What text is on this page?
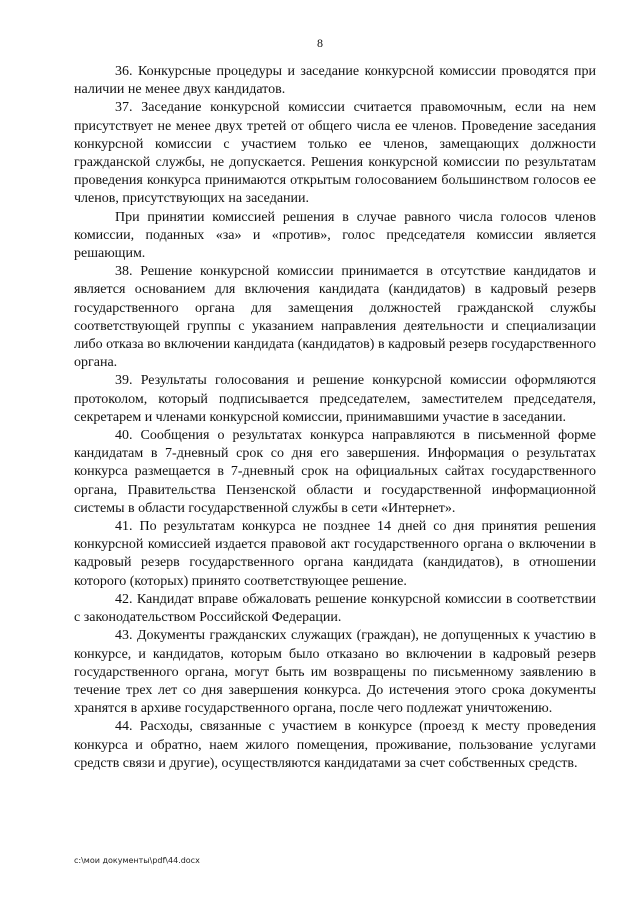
8

36. Конкурсные процедуры и заседание конкурсной комиссии проводятся при наличии не менее двух кандидатов.

37. Заседание конкурсной комиссии считается правомочным, если на нем присутствует не менее двух третей от общего числа ее членов. Проведение заседания конкурсной комиссии с участием только ее членов, замещающих должности гражданской службы, не допускается. Решения конкурсной комиссии по результатам проведения конкурса принимаются открытым голосованием большинством голосов ее членов, присутствующих на заседании.

При принятии комиссией решения в случае равного числа голосов членов комиссии, поданных «за» и «против», голос председателя комиссии является решающим.

38. Решение конкурсной комиссии принимается в отсутствие кандидатов и является основанием для включения кандидата (кандидатов) в кадровый резерв государственного органа для замещения должностей гражданской службы соответствующей группы с указанием направления деятельности и специализации либо отказа во включении кандидата (кандидатов) в кадровый резерв государственного органа.

39. Результаты голосования и решение конкурсной комиссии оформляются протоколом, который подписывается председателем, заместителем председателя, секретарем и членами конкурсной комиссии, принимавшими участие в заседании.

40. Сообщения о результатах конкурса направляются в письменной форме кандидатам в 7-дневный срок со дня его завершения. Информация о результатах конкурса размещается в 7-дневный срок на официальных сайтах государственного органа, Правительства Пензенской области и государственной информационной системы в области государственной службы в сети «Интернет».

41. По результатам конкурса не позднее 14 дней со дня принятия решения конкурсной комиссией издается правовой акт государственного органа о включении в кадровый резерв государственного органа кандидата (кандидатов), в отношении которого (которых) принято соответствующее решение.

42. Кандидат вправе обжаловать решение конкурсной комиссии в соответствии с законодательством Российской Федерации.

43. Документы гражданских служащих (граждан), не допущенных к участию в конкурсе, и кандидатов, которым было отказано во включении в кадровый резерв государственного органа, могут быть им возвращены по письменному заявлению в течение трех лет со дня завершения конкурса. До истечения этого срока документы хранятся в архиве государственного органа, после чего подлежат уничтожению.

44. Расходы, связанные с участием в конкурсе (проезд к месту проведения конкурса и обратно, наем жилого помещения, проживание, пользование услугами средств связи и другие), осуществляются кандидатами за счет собственных средств.

c:\мои документы\pdf\44.docx
